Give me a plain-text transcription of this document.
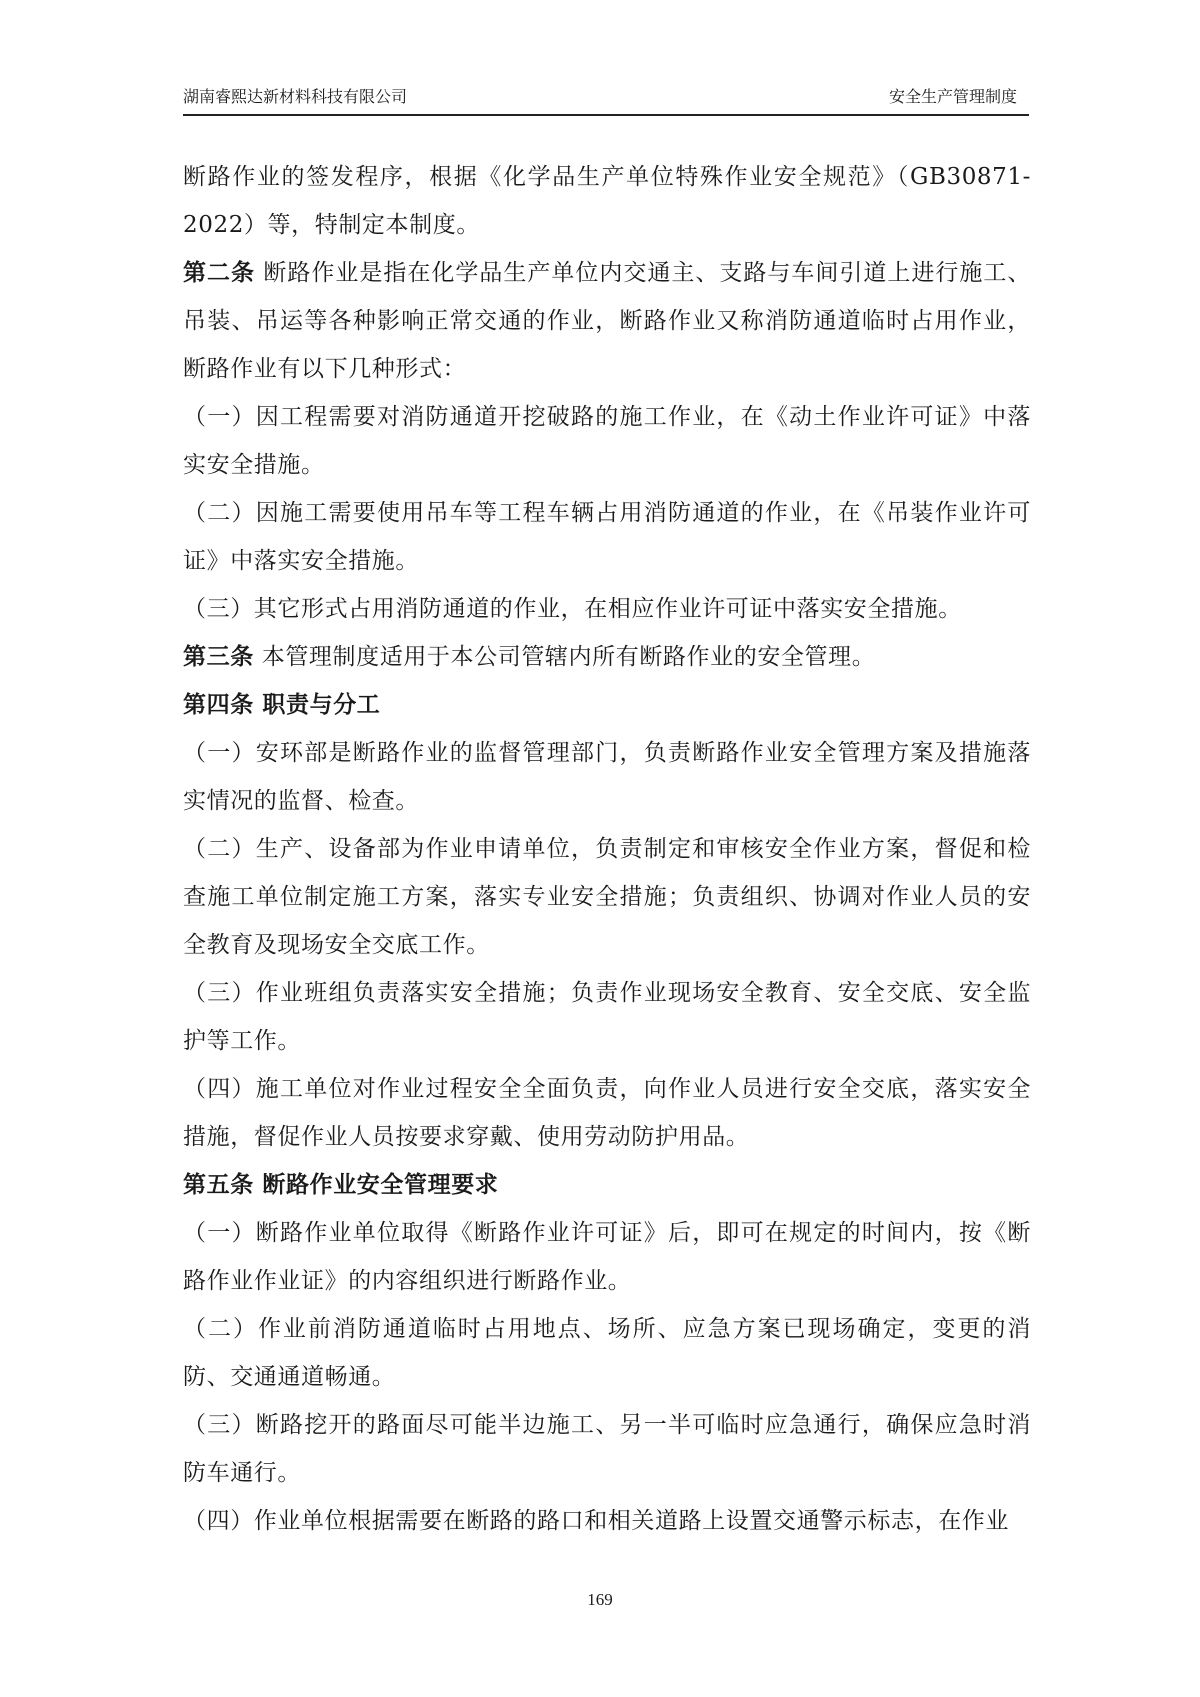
湖南睿熙达新材料科技有限公司	安全生产管理制度

断路作业的签发程序，根据《化学品生产单位特殊作业安全规范》（GB30871-2022）等，特制定本制度。

第二条 断路作业是指在化学品生产单位内交通主、支路与车间引道上进行施工、吊装、吊运等各种影响正常交通的作业，断路作业又称消防通道临时占用作业，断路作业有以下几种形式：

（一）因工程需要对消防通道开挖破路的施工作业，在《动土作业许可证》中落实安全措施。

（二）因施工需要使用吊车等工程车辆占用消防通道的作业，在《吊装作业许可证》中落实安全措施。

（三）其它形式占用消防通道的作业，在相应作业许可证中落实安全措施。

第三条 本管理制度适用于本公司管辖内所有断路作业的安全管理。

第四条 职责与分工

（一）安环部是断路作业的监督管理部门，负责断路作业安全管理方案及措施落实情况的监督、检查。

（二）生产、设备部为作业申请单位，负责制定和审核安全作业方案，督促和检查施工单位制定施工方案，落实专业安全措施；负责组织、协调对作业人员的安全教育及现场安全交底工作。

（三）作业班组负责落实安全措施；负责作业现场安全教育、安全交底、安全监护等工作。

（四）施工单位对作业过程安全全面负责，向作业人员进行安全交底，落实安全措施，督促作业人员按要求穿戴、使用劳动防护用品。

第五条 断路作业安全管理要求

（一）断路作业单位取得《断路作业许可证》后，即可在规定的时间内，按《断路作业作业证》的内容组织进行断路作业。

（二）作业前消防通道临时占用地点、场所、应急方案已现场确定，变更的消防、交通通道畅通。

（三）断路挖开的路面尽可能半边施工、另一半可临时应急通行，确保应急时消防车通行。

（四）作业单位根据需要在断路的路口和相关道路上设置交通警示标志，在作业

169
